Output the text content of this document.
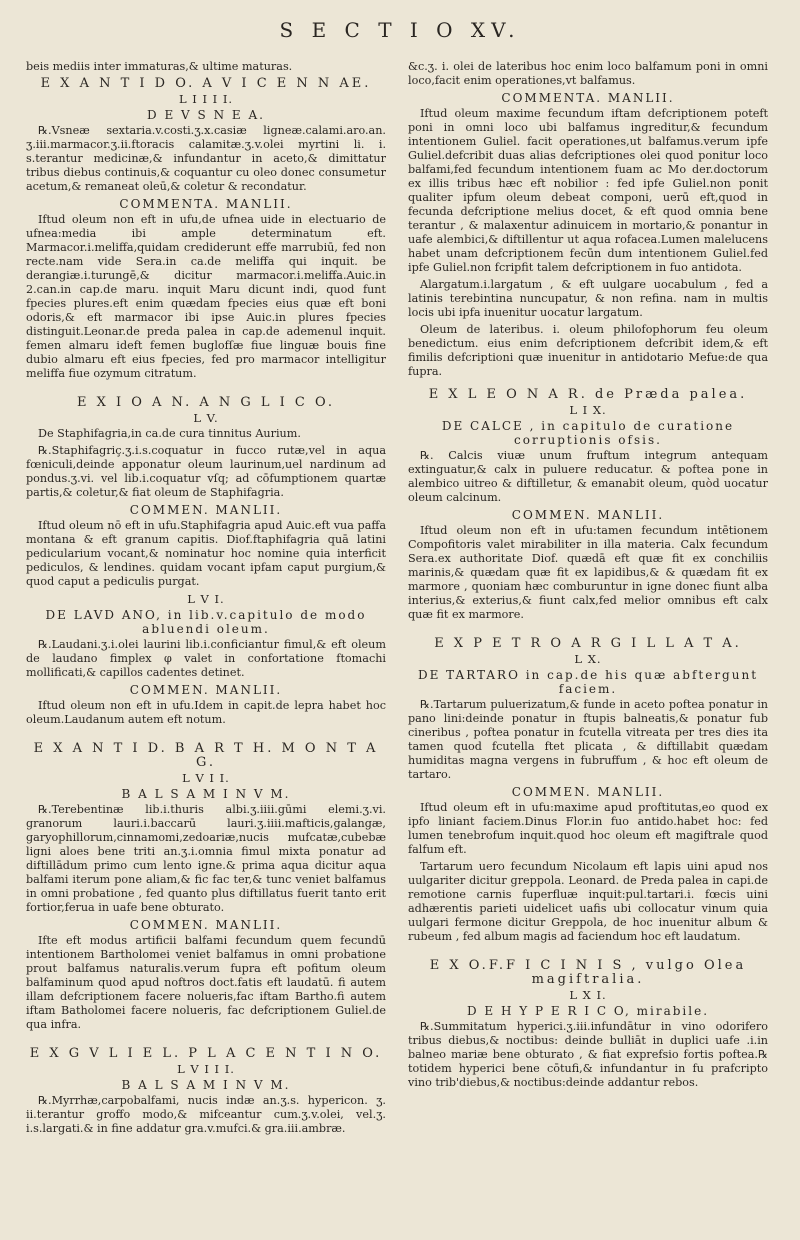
S E C T I O XV.

beis mediis inter immaturas,& ultime maturas.

E X A N T I D O. A V I C E N N AE.
L I I I I.
D E V S N E A.

℞.Vsneæ sextaria.v.costi.ʒ.x.casiæ ligneæ.calami.aro.an. ʒ.iii.marmacor.ʒ.ii.ftoracis calamitæ.ʒ.v.olei myrtini li. i. s.terantur medicinæ,& infundantur in aceto,& dimittatur tribus diebus continuis,& coquantur cu oleo donec consumetur acetum,& remaneat oleū,& coletur & recondatur.

COMMENTA. MANLII.

Iftud oleum non eft in ufu,de ufnea uide in electuario de ufnea:media ibi ample determinatum eft. Marmacor.i.meliffa,quidam crediderunt effe marrubiū, fed non recte.nam vide Sera.in ca.de meliffa qui inquit. be derangiæ.i.turungē,& dicitur marmacor.i.meliffa.Auic.in 2.can.in cap.de maru. inquit Maru dicunt indi, quod funt fpecies plures.eft enim quædam fpecies eius quæ eft boni odoris,& eft marmacor ibi ipse Auic.in plures fpecies distinguit.Leonar.de preda palea in cap.de ademenul inquit. femen almaru ideft femen buglofſæ fiue linguæ bouis fine dubio almaru eft eius fpecies, fed pro marmacor intelligitur meliffa fiue ozymum citratum.

E X I O A N. A N G L I C O.
L V.

De Staphifagria,in ca.de cura tinnitus Aurium.

℞.Staphifagriç.ʒ.i.s.coquatur in fucco rutæ,vel in aqua fœniculi,deinde apponatur oleum laurinum,uel nardinum ad pondus.ʒ.vi. vel lib.i.coquatur vſq; ad cōfumptionem quartæ partis,& coletur,& fiat oleum de Staphifagria.

COMMEN. MANLII.

Iftud oleum nō eft in ufu.Staphifagria apud Auic.eft vua paffa montana & eft granum capitis. Diof.ftaphifagria quā latini pedicularium vocant,& nominatur hoc nomine quia interficit pediculos, & lendines. quidam vocant ipfam caput purgium,& quod caput a pediculis purgat.

L V I.
DE LAVD ANO, in lib.v.capitulo de modo abluendi oleum.

℞.Laudani.ʒ.i.olei laurini lib.i.conficiantur fimul,& eft oleum de laudano fimplex φ valet in confortatione ftomachi mollificati,& capillos cadentes detinet.

COMMEN. MANLII.

Iftud oleum non eft in ufu.Idem in capit.de lepra habet hoc oleum.Laudanum autem eft notum.

E X A N T I D. B A R T H. M O N T A G.
L V I I.
B A L S A M I N V M.

℞.Terebentinæ lib.i.thuris albi.ʒ.iiii.gūmi elemi.ʒ.vi. granorum lauri.i.baccarū lauri.ʒ.iiii.mafticis,galangæ, garyophillorum,cinnamomi,zedoariæ,nucis mufcatæ,cubebæ ligni aloes bene triti an.ʒ.i.omnia fimul mixta ponatur ad diftillādum primo cum lento igne.& prima aqua dicitur aqua balfami iterum pone aliam,& fic fac ter,& tunc veniet balfamus in omni probatione , fed quanto plus diftillatus fuerit tanto erit fortior,ferua in uafe bene obturato.

COMMEN. MANLII.

Ifte eft modus artificii balfami fecundum quem fecundū intentionem Bartholomei veniet balfamus in omni probatione prout balfamus naturalis.verum fupra eft pofitum oleum balfaminum quod apud noftros doct.fatis eft laudatū. fi autem illam defcriptionem facere nolueris,fac iftam Bartho.fi autem iftam Batholomei facere nolueris, fac defcriptionem Guliel.de qua infra.

E X G V L I E L. P L A C E N T I N O.
L V I I I.
B A L S A M I N V M.

℞.Myrrhæ,carpobalfami, nucis indæ an.ʒ.s. hypericon. ʒ. ii.terantur groffo modo,& mifceantur cum.ʒ.v.olei, vel.ʒ. i.s.largati.& in fine addatur gra.v.mufci.& gra.iii.ambræ.

&c.ʒ. i. olei de lateribus hoc enim loco balfamum poni in omni loco,facit enim operationes,vt balfamus.

COMMENTA. MANLII.

Iftud oleum maxime fecundum iftam defcriptionem poteft poni in omni loco ubi balfamus ingreditur,& fecundum intentionem Guliel. facit operationes,ut balfamus.verum ipfe Guliel.defcribit duas alias defcriptiones olei quod ponitur loco balfami,fed fecundum intentionem fuam ac Mo der.doctorum ex illis tribus hæc eft nobilior : fed ipfe Guliel.non ponit qualiter ipfum oleum debeat componi, uerū eft,quod in fecunda defcriptione melius docet, & eft quod omnia bene terantur , & malaxentur adinuicem in mortario,& ponantur in uafe alembici,& diftillentur ut aqua rofacea.Lumen malelucens habet unam defcriptionem fecūn dum intentionem Guliel.fed ipfe Guliel.non fcripfit talem defcriptionem in fuo antidota.

Alargatum.i.largatum , & eft uulgare uocabulum , fed a latinis terebintina nuncupatur, & non refina. nam in multis locis ubi ipfa inuenitur uocatur largatum.

Oleum de lateribus. i. oleum philofophorum feu oleum benedictum. eius enim defcriptionem defcribit idem,& eft fimilis defcriptioni quæ inuenitur in antidotario Mefue:de qua fupra.

E X L E O N A R. de Præda palea.
L I X.
DE CALCE , in capitulo de curatione corruptionis ofsis.

℞. Calcis viuæ unum fruftum integrum antequam extinguatur,& calx in puluere reducatur. & poftea pone in alembico uitreo & diftilletur, & emanabit oleum, quòd uocatur oleum calcinum.

COMMEN. MANLII.

Iftud oleum non eft in ufu:tamen fecundum intētionem Compofitoris valet mirabiliter in illa materia. Calx fecundum Sera.ex authoritate Diof. quædā eft quæ fit ex conchiliis marinis,& quædam quæ fit ex lapidibus,& & quædam fit ex marmore , quoniam hæc comburuntur in igne donec fiunt alba interius,& exterius,& fiunt calx,fed melior omnibus eft calx quæ fit ex marmore.

E X P E T R O A R G I L L A T A.
L X.
DE TARTARO in cap.de his quæ abftergunt faciem.

℞.Tartarum puluerizatum,& funde in aceto poftea ponatur in pano lini:deinde ponatur in ftupis balneatis,& ponatur fub cineribus , poftea ponatur in fcutella vitreata per tres dies ita tamen quod fcutella ftet plicata , & diftillabit quædam humiditas magna vergens in fubruffum , & hoc eft oleum de tartaro.

COMMEN. MANLII.

Iftud oleum eft in ufu:maxime apud proftitutas,eo quod ex ipfo liniant faciem.Dinus Flor.in fuo antido.habet hoc: fed lumen tenebrofum inquit.quod hoc oleum eft magiftrale quod falfum eft.

Tartarum uero fecundum Nicolaum eft lapis uini apud nos uulgariter dicitur greppola. Leonard. de Preda palea in capi.de remotione carnis fuperfluæ inquit:pul.tartari.i. fœcis uini adhærentis parieti uidelicet uafis ubi collocatur vinum quia uulgari fermone dicitur Greppola, de hoc inuenitur album & rubeum , fed album magis ad faciendum hoc eft laudatum.

E X O.F.F I C I N I S , vulgo Olea magiftralia.
L X I.
D E H Y P E R I C O, mirabile.

℞.Summitatum hyperici.ʒ.iii.infundātur in vino odorifero tribus diebus,& noctibus: deinde bulliāt in duplici uafe .i.in balneo mariæ bene obturato , & fiat exprefsio fortis poftea.℞ totidem hyperici bene cōtufi,& infundantur in fu prafcripto vino trib'diebus,& noctibus:deinde addantur rebos.
